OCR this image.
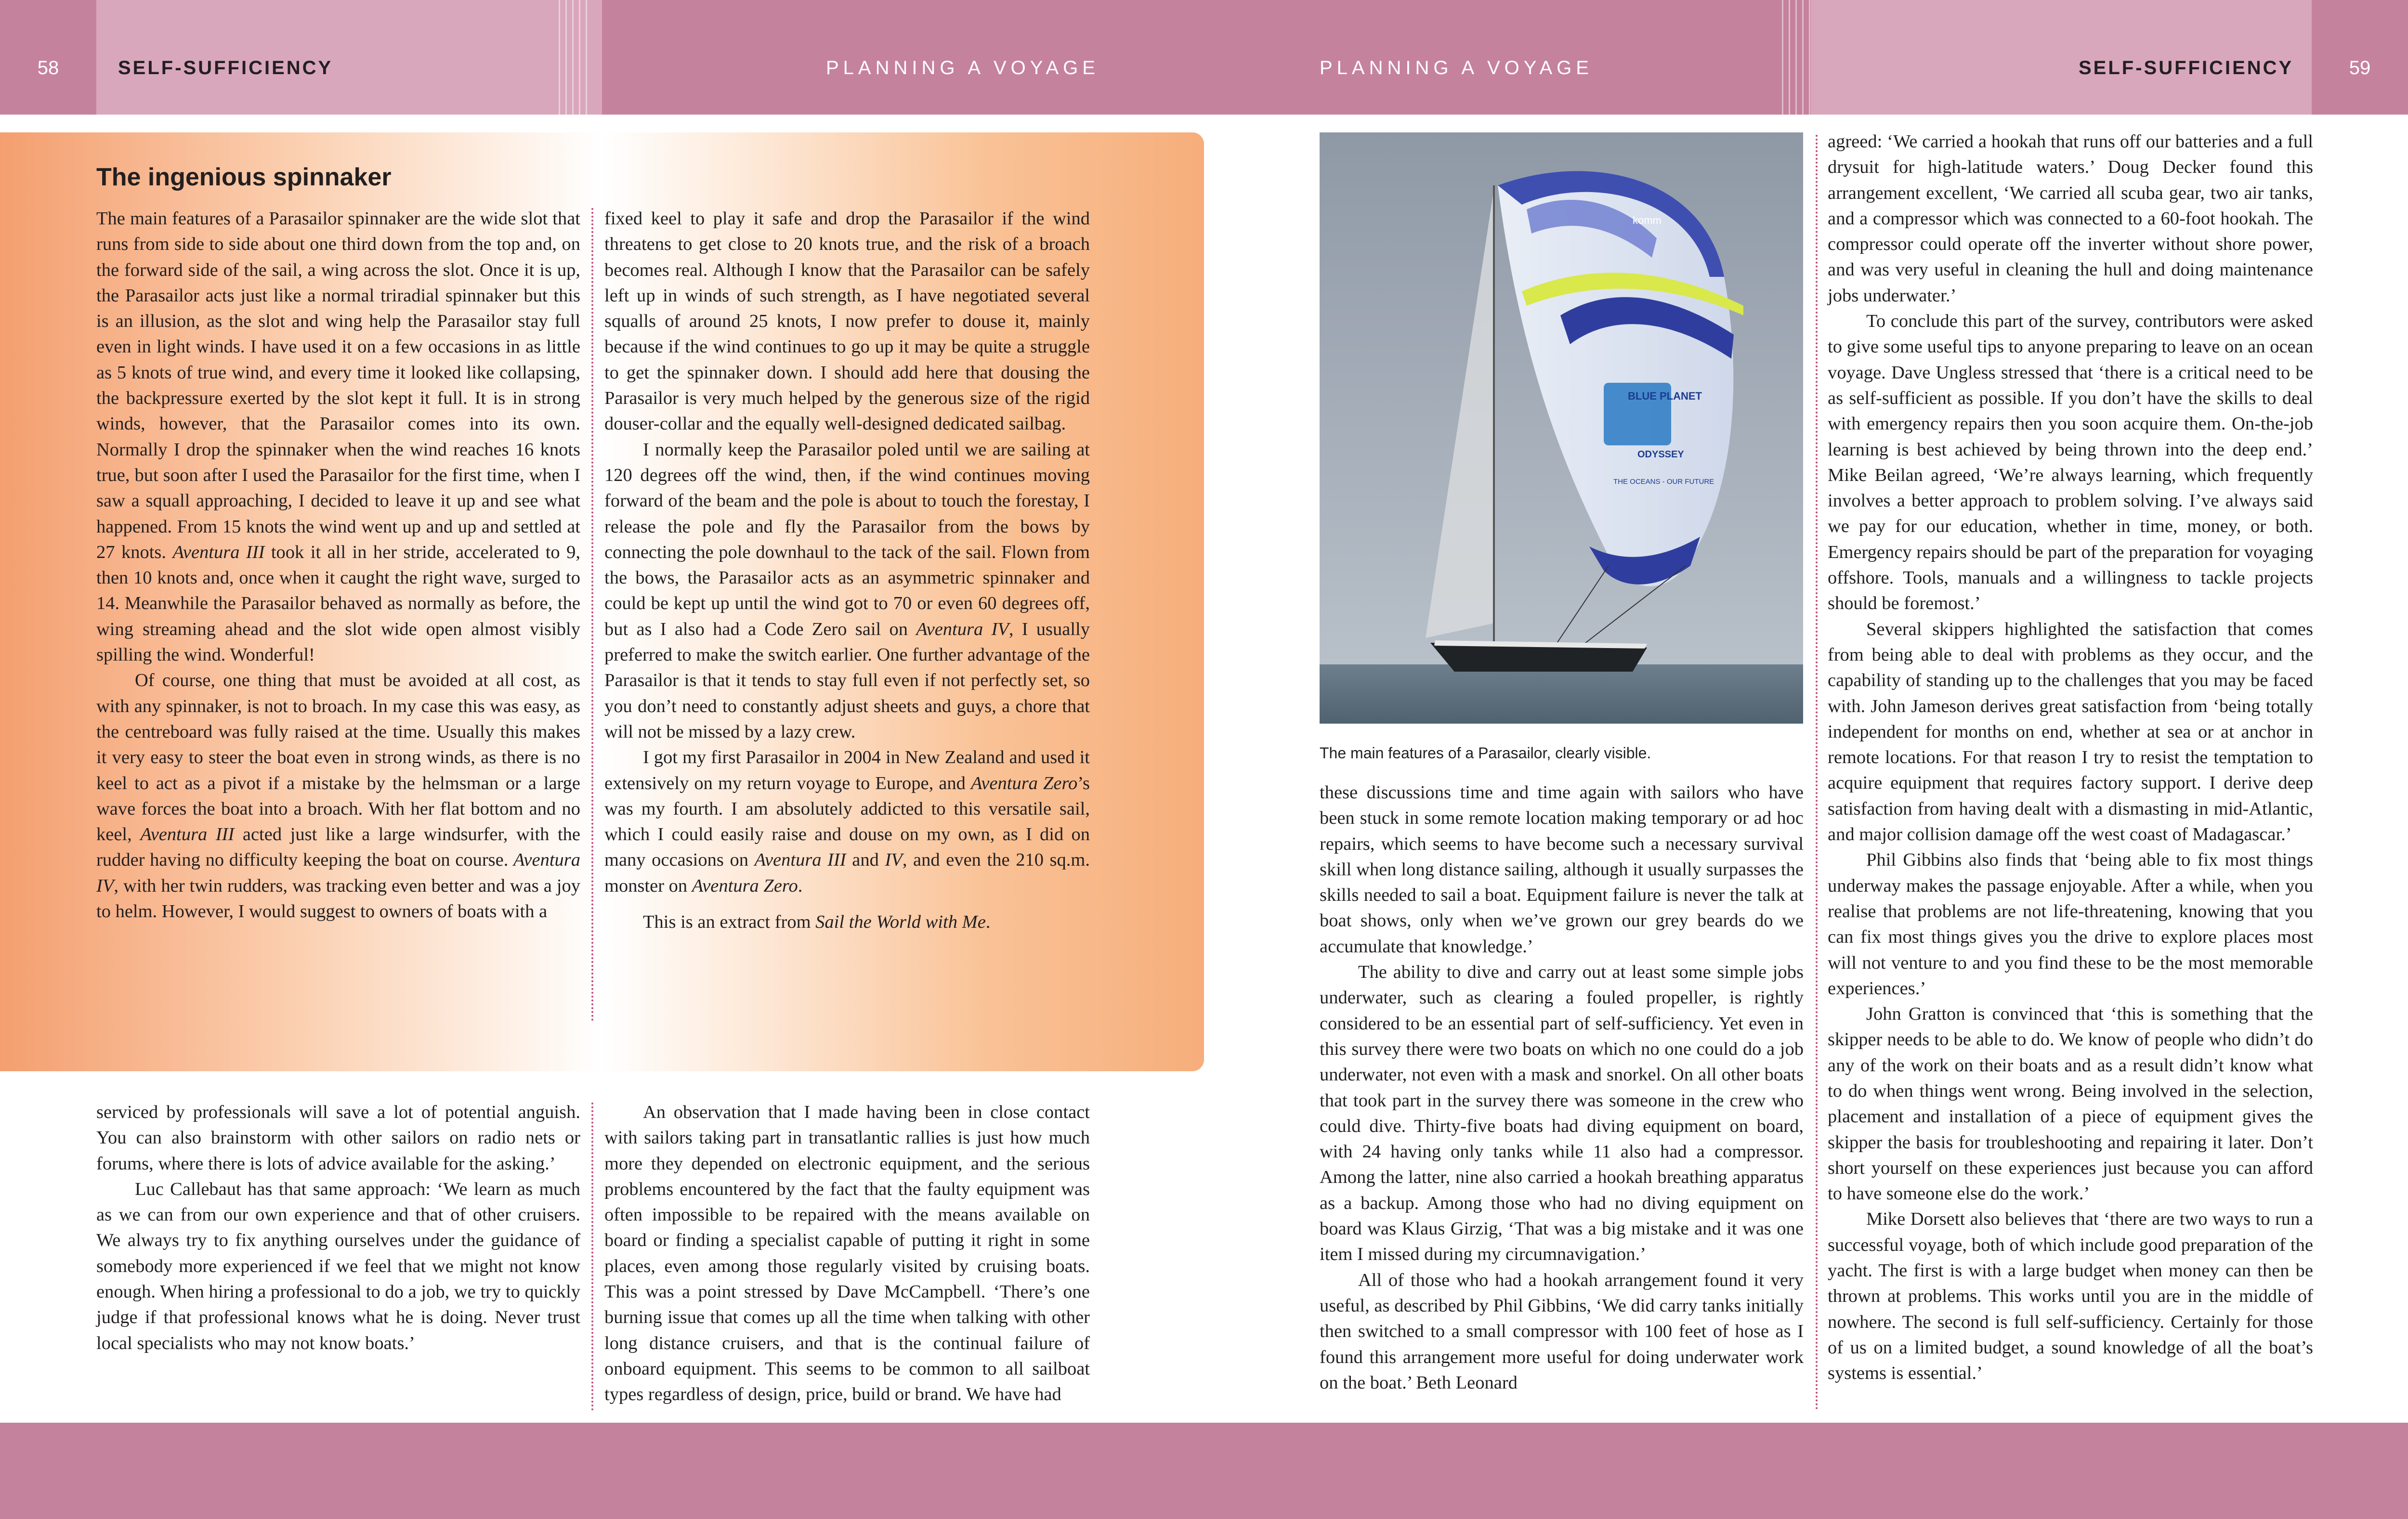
58	SELF-SUFFICIENCY	PLANNING A VOYAGE
The ingenious spinnaker

The main features of a Parasailor spinnaker are the wide slot that runs from side to side about one third down from the top and, on the forward side of the sail, a wing across the slot. Once it is up, the Parasailor acts just like a normal triradial spinnaker but this is an illusion, as the slot and wing help the Parasailor stay full even in light winds. I have used it on a few occasions in as little as 5 knots of true wind, and every time it looked like collapsing, the backpressure exerted by the slot kept it full. It is in strong winds, however, that the Parasailor comes into its own. Normally I drop the spinnaker when the wind reaches 16 knots true, but soon after I used the Parasailor for the first time, when I saw a squall approaching, I decided to leave it up and see what happened. From 15 knots the wind went up and up and settled at 27 knots. Aventura III took it all in her stride, accelerated to 9, then 10 knots and, once when it caught the right wave, surged to 14. Meanwhile the Parasailor behaved as normally as before, the wing streaming ahead and the slot wide open almost visibly spilling the wind. Wonderful!

Of course, one thing that must be avoided at all cost, as with any spinnaker, is not to broach. In my case this was easy, as the centreboard was fully raised at the time. Usually this makes it very easy to steer the boat even in strong winds, as there is no keel to act as a pivot if a mistake by the helmsman or a large wave forces the boat into a broach. With her flat bottom and no keel, Aventura III acted just like a large windsurfer, with the rudder having no difficulty keeping the boat on course. Aventura IV, with her twin rudders, was tracking even better and was a joy to helm. However, I would suggest to owners of boats with a

fixed keel to play it safe and drop the Parasailor if the wind threatens to get close to 20 knots true, and the risk of a broach becomes real. Although I know that the Parasailor can be safely left up in winds of such strength, as I have negotiated several squalls of around 25 knots, I now prefer to douse it, mainly because if the wind continues to go up it may be quite a struggle to get the spinnaker down. I should add here that dousing the Parasailor is very much helped by the generous size of the rigid douser-collar and the equally well-designed dedicated sailbag.

I normally keep the Parasailor poled until we are sailing at 120 degrees off the wind, then, if the wind continues moving forward of the beam and the pole is about to touch the forestay, I release the pole and fly the Parasailor from the bows by connecting the pole downhaul to the tack of the sail. Flown from the bows, the Parasailor acts as an asymmetric spinnaker and could be kept up until the wind got to 70 or even 60 degrees off, but as I also had a Code Zero sail on Aventura IV, I usually preferred to make the switch earlier. One further advantage of the Parasailor is that it tends to stay full even if not perfectly set, so you don’t need to constantly adjust sheets and guys, a chore that will not be missed by a lazy crew.

I got my first Parasailor in 2004 in New Zealand and used it extensively on my return voyage to Europe, and Aventura Zero’s was my fourth. I am absolutely addicted to this versatile sail, which I could easily raise and douse on my own, as I did on many occasions on Aventura III and IV, and even the 210 sq.m. monster on Aventura Zero.

This is an extract from Sail the World with Me.

serviced by professionals will save a lot of potential anguish. You can also brainstorm with other sailors on radio nets or forums, where there is lots of advice available for the asking.’

Luc Callebaut has that same approach: ‘We learn as much as we can from our own experience and that of other cruisers. We always try to fix anything ourselves under the guidance of somebody more experienced if we feel that we might not know enough. When hiring a professional to do a job, we try to quickly judge if that professional knows what he is doing. Never trust local specialists who may not know boats.’

An observation that I made having been in close contact with sailors taking part in transatlantic rallies is just how much more they depended on electronic equipment, and the serious problems encountered by the fact that the faulty equipment was often impossible to be repaired with the means available on board or finding a specialist capable of putting it right in some places, even among those regularly visited by cruising boats. This was a point stressed by Dave McCampbell. ‘There’s one burning issue that comes up all the time when talking with other long distance cruisers, and that is the continual failure of onboard equipment. This seems to be common to all sailboat types regardless of design, price, build or brand. We have had

PLANNING A VOYAGE	SELF-SUFFICIENCY	59
BLUE PLANET
ODYSSEY
THE OCEANS - OUR FUTURE
komm
The main features of a Parasailor, clearly visible.

these discussions time and time again with sailors who have been stuck in some remote location making temporary or ad hoc repairs, which seems to have become such a necessary survival skill when long distance sailing, although it usually surpasses the skills needed to sail a boat. Equipment failure is never the talk at boat shows, only when we’ve grown our grey beards do we accumulate that knowledge.’

The ability to dive and carry out at least some simple jobs underwater, such as clearing a fouled propeller, is rightly considered to be an essential part of self-sufficiency. Yet even in this survey there were two boats on which no one could do a job underwater, not even with a mask and snorkel. On all other boats that took part in the survey there was someone in the crew who could dive. Thirty-five boats had diving equipment on board, with 24 having only tanks while 11 also had a compressor. Among the latter, nine also carried a hookah breathing apparatus as a backup. Among those who had no diving equipment on board was Klaus Girzig, ‘That was a big mistake and it was one item I missed during my circumnavigation.’

All of those who had a hookah arrangement found it very useful, as described by Phil Gibbins, ‘We did carry tanks initially then switched to a small compressor with 100 feet of hose as I found this arrangement more useful for doing underwater work on the boat.’ Beth Leonard

agreed: ‘We carried a hookah that runs off our batteries and a full drysuit for high-latitude waters.’ Doug Decker found this arrangement excellent, ‘We carried all scuba gear, two air tanks, and a compressor which was connected to a 60-foot hookah. The compressor could operate off the inverter without shore power, and was very useful in cleaning the hull and doing maintenance jobs underwater.’

To conclude this part of the survey, contributors were asked to give some useful tips to anyone preparing to leave on an ocean voyage. Dave Ungless stressed that ‘there is a critical need to be as self-sufficient as possible. If you don’t have the skills to deal with emergency repairs then you soon acquire them. On-the-job learning is best achieved by being thrown into the deep end.’ Mike Beilan agreed, ‘We’re always learning, which frequently involves a better approach to problem solving. I’ve always said we pay for our education, whether in time, money, or both. Emergency repairs should be part of the preparation for voyaging offshore. Tools, manuals and a willingness to tackle projects should be foremost.’

Several skippers highlighted the satisfaction that comes from being able to deal with problems as they occur, and the capability of standing up to the challenges that you may be faced with. John Jameson derives great satisfaction from ‘being totally independent for months on end, whether at sea or at anchor in remote locations. For that reason I try to resist the temptation to acquire equipment that requires factory support. I derive deep satisfaction from having dealt with a dismasting in mid-Atlantic, and major collision damage off the west coast of Madagascar.’

Phil Gibbins also finds that ‘being able to fix most things underway makes the passage enjoyable. After a while, when you realise that problems are not life-threatening, knowing that you can fix most things gives you the drive to explore places most will not venture to and you find these to be the most memorable experiences.’

John Gratton is convinced that ‘this is something that the skipper needs to be able to do. We know of people who didn’t do any of the work on their boats and as a result didn’t know what to do when things went wrong. Being involved in the selection, placement and installation of a piece of equipment gives the skipper the basis for troubleshooting and repairing it later. Don’t short yourself on these experiences just because you can afford to have someone else do the work.’

Mike Dorsett also believes that ‘there are two ways to run a successful voyage, both of which include good preparation of the yacht. The first is with a large budget when money can then be thrown at problems. This works until you are in the middle of nowhere. The second is full self-sufficiency. Certainly for those of us on a limited budget, a sound knowledge of all the boat’s systems is essential.’
